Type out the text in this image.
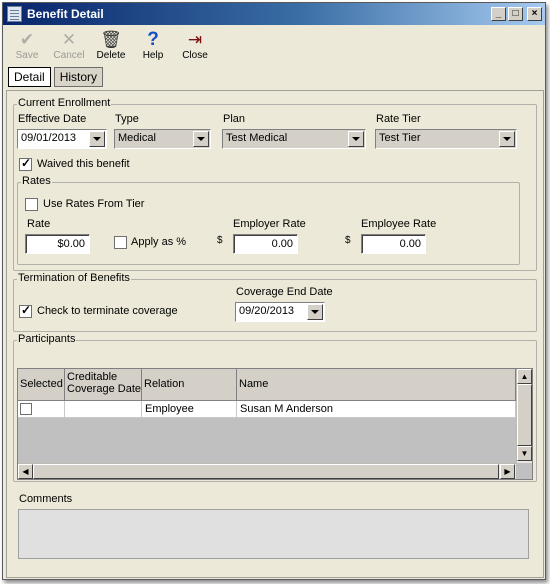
Benefit Detail	_	□	×
✔
Save
✕
Cancel
🗑
Delete
?
Help
⇥
Close
Detail	History
Current Enrollment
Effective Date
09/01/2013
Type
Medical
Plan
Test Medical
Rate Tier
Test Tier
✓
Waived this benefit
Rates
Use Rates From Tier
Rate
$0.00	Apply as %
Employer Rate
$	0.00
Employee Rate
$	0.00
Termination of Benefits
✓
Check to terminate coverage
Coverage End Date
09/20/2013
Participants
Selected
Creditable
Coverage Date Relation	Name
Employee	Susan M Anderson
▲
▼
◀	▶
Comments
